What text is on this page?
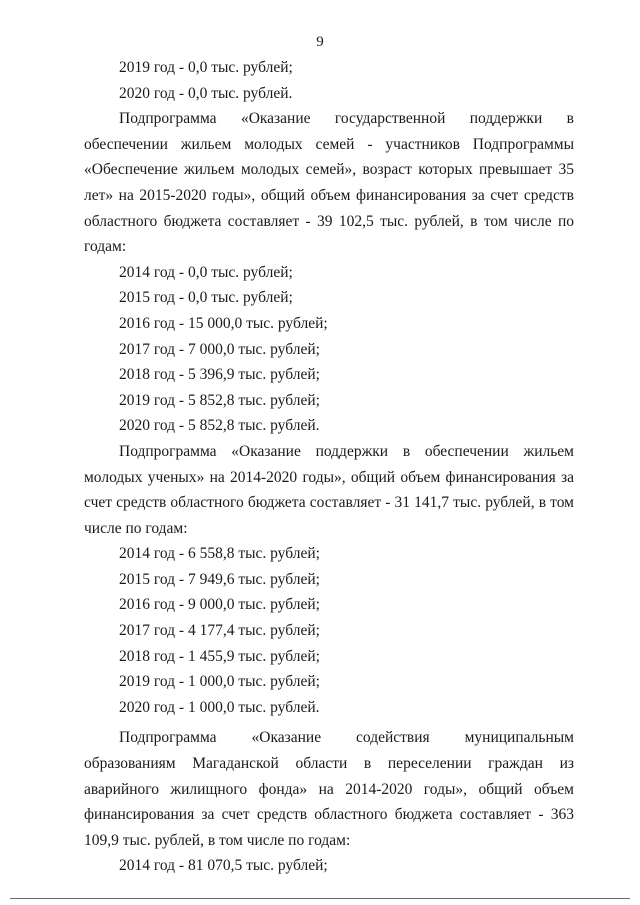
9

2019 год - 0,0 тыс. рублей;

2020 год - 0,0 тыс. рублей.

Подпрограмма «Оказание государственной поддержки в обеспечении жильем молодых семей - участников Подпрограммы «Обеспечение жильем молодых семей», возраст которых превышает 35 лет» на 2015-2020 годы», общий объем финансирования за счет средств областного бюджета составляет - 39 102,5 тыс. рублей, в том числе по годам:

2014 год - 0,0 тыс. рублей;

2015 год - 0,0 тыс. рублей;

2016 год - 15 000,0 тыс. рублей;

2017 год - 7 000,0 тыс. рублей;

2018 год - 5 396,9 тыс. рублей;

2019 год - 5 852,8 тыс. рублей;

2020 год - 5 852,8 тыс. рублей.

Подпрограмма «Оказание поддержки в обеспечении жильем молодых ученых» на 2014-2020 годы», общий объем финансирования за счет средств областного бюджета составляет - 31 141,7 тыс. рублей, в том числе по годам:

2014 год - 6 558,8 тыс. рублей;

2015 год - 7 949,6 тыс. рублей;

2016 год - 9 000,0 тыс. рублей;

2017 год - 4 177,4 тыс. рублей;

2018 год - 1 455,9 тыс. рублей;

2019 год - 1 000,0 тыс. рублей;

2020 год - 1 000,0 тыс. рублей.

Подпрограмма «Оказание содействия муниципальным образованиям Магаданской области в переселении граждан из аварийного жилищного фонда» на 2014-2020 годы», общий объем финансирования за счет средств областного бюджета составляет - 363 109,9 тыс. рублей, в том числе по годам:

2014 год - 81 070,5 тыс. рублей;
